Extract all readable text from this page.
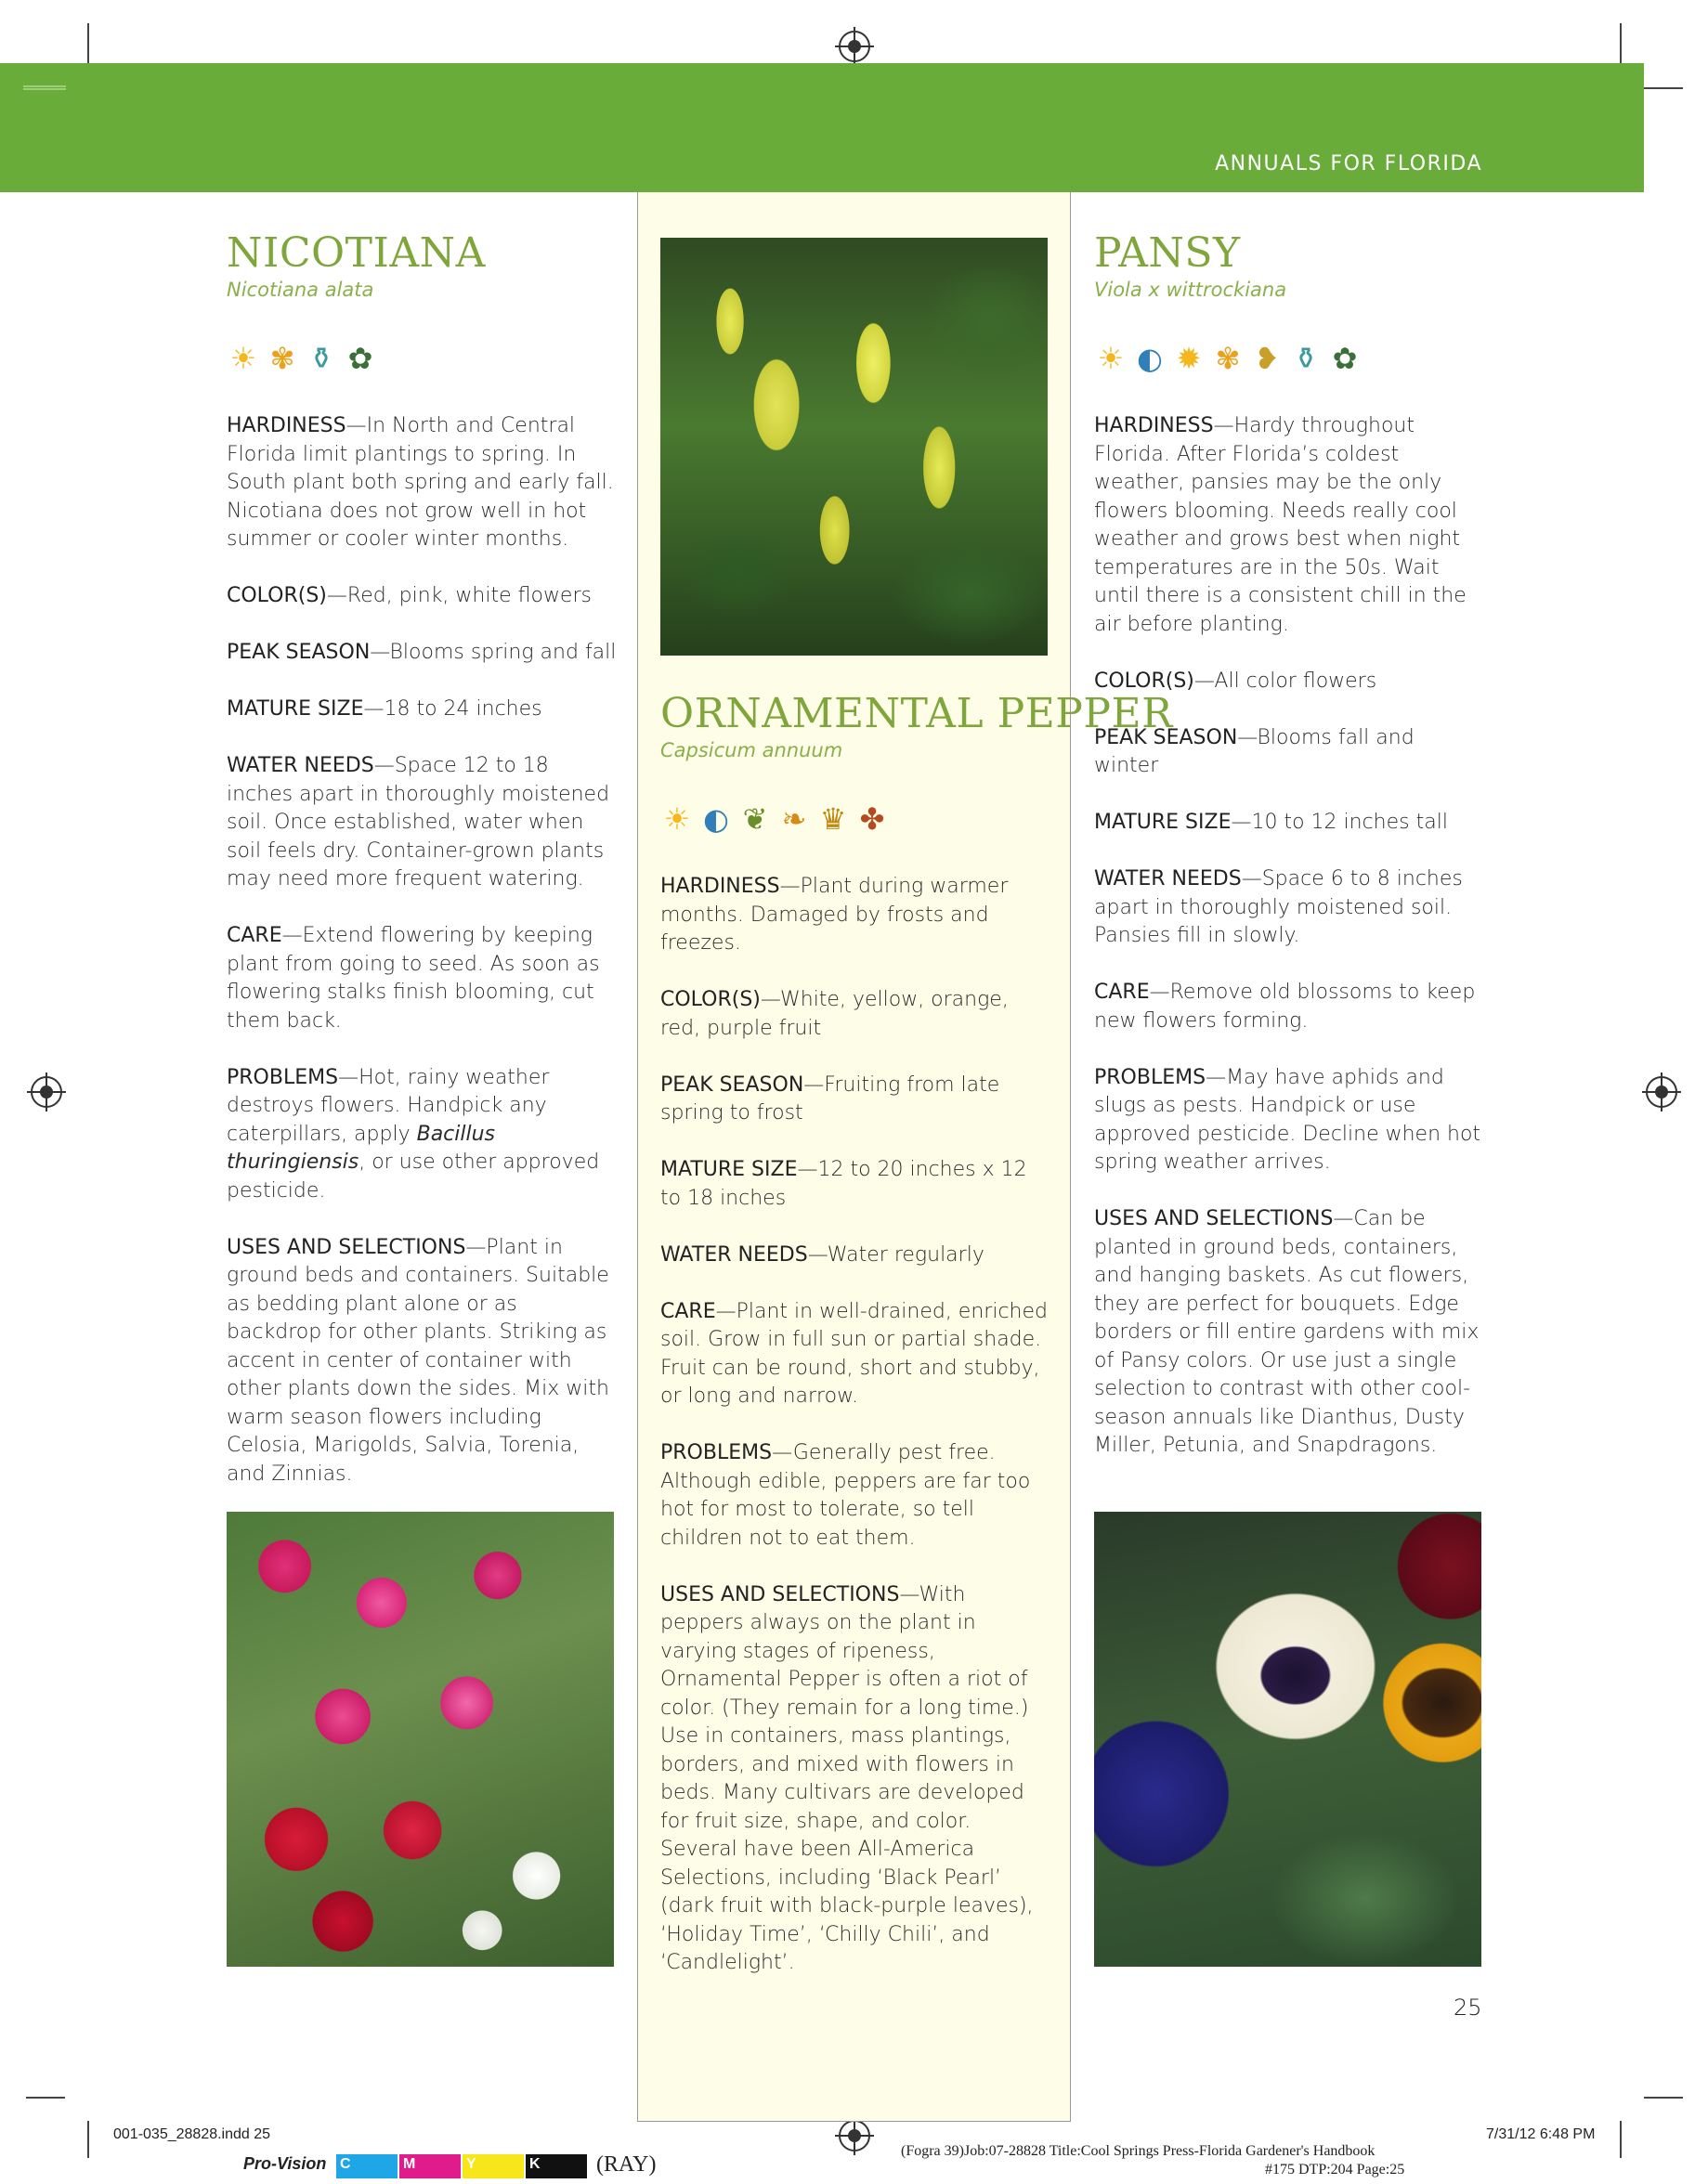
ANNUALS FOR FLORIDA
NICOTIANA
Nicotiana alata
☀ ✾ ⚱ ✿

HARDINESS—In North and Central Florida limit plantings to spring. In South plant both spring and early fall. Nicotiana does not grow well in hot summer or cooler winter months.

COLOR(S)—Red, pink, white flowers

PEAK SEASON—Blooms spring and fall

MATURE SIZE—18 to 24 inches

WATER NEEDS—Space 12 to 18 inches apart in thoroughly moistened soil. Once established, water when soil feels dry. Container-grown plants may need more frequent watering.

CARE—Extend flowering by keeping plant from going to seed. As soon as flowering stalks finish blooming, cut them back.

PROBLEMS—Hot, rainy weather destroys flowers. Handpick any caterpillars, apply Bacillus thuringiensis, or use other approved pesticide.

USES AND SELECTIONS—Plant in ground beds and containers. Suitable as bedding plant alone or as backdrop for other plants. Striking as accent in center of container with other plants down the sides. Mix with warm season flowers including Celosia, Marigolds, Salvia, Torenia, and Zinnias.

ORNAMENTAL PEPPER
Capsicum annuum
☀ ◐ ❦ ❧ ♛ ✤

HARDINESS—Plant during warmer months. Damaged by frosts and freezes.

COLOR(S)—White, yellow, orange, red, purple fruit

PEAK SEASON—Fruiting from late spring to frost

MATURE SIZE—12 to 20 inches x 12 to 18 inches

WATER NEEDS—Water regularly

CARE—Plant in well-drained, enriched soil. Grow in full sun or partial shade. Fruit can be round, short and stubby, or long and narrow.

PROBLEMS—Generally pest free. Although edible, peppers are far too hot for most to tolerate, so tell children not to eat them.

USES AND SELECTIONS—With peppers always on the plant in varying stages of ripeness, Ornamental Pepper is often a riot of color. (They remain for a long time.) Use in containers, mass plantings, borders, and mixed with flowers in beds. Many cultivars are developed for fruit size, shape, and color. Several have been All-America Selections, including ‘Black Pearl’ (dark fruit with black-purple leaves), ‘Holiday Time’, ‘Chilly Chili’, and ‘Candlelight’.

PANSY
Viola x wittrockiana
☀ ◐ ✹ ✾ ❥ ⚱ ✿

HARDINESS—Hardy throughout Florida. After Florida’s coldest weather, pansies may be the only flowers blooming. Needs really cool weather and grows best when night temperatures are in the 50s. Wait until there is a consistent chill in the air before planting.

COLOR(S)—All color flowers

PEAK SEASON—Blooms fall and winter

MATURE SIZE—10 to 12 inches tall

WATER NEEDS—Space 6 to 8 inches apart in thoroughly moistened soil. Pansies fill in slowly.

CARE—Remove old blossoms to keep new flowers forming.

PROBLEMS—May have aphids and slugs as pests. Handpick or use approved pesticide. Decline when hot spring weather arrives.

USES AND SELECTIONS—Can be planted in ground beds, containers, and hanging baskets. As cut flowers, they are perfect for bouquets. Edge borders or fill entire gardens with mix of Pansy colors. Or use just a single selection to contrast with other cool-season annuals like Dianthus, Dusty Miller, Petunia, and Snapdragons.

25
001-035_28828.indd 25	7/31/12 6:48 PM
(Fogra 39)Job:07-28828 Title:Cool Springs Press-Florida Gardener's Handbook
#175 DTP:204 Page:25
Pro-Vision C	M	Y	K	(RAY)
